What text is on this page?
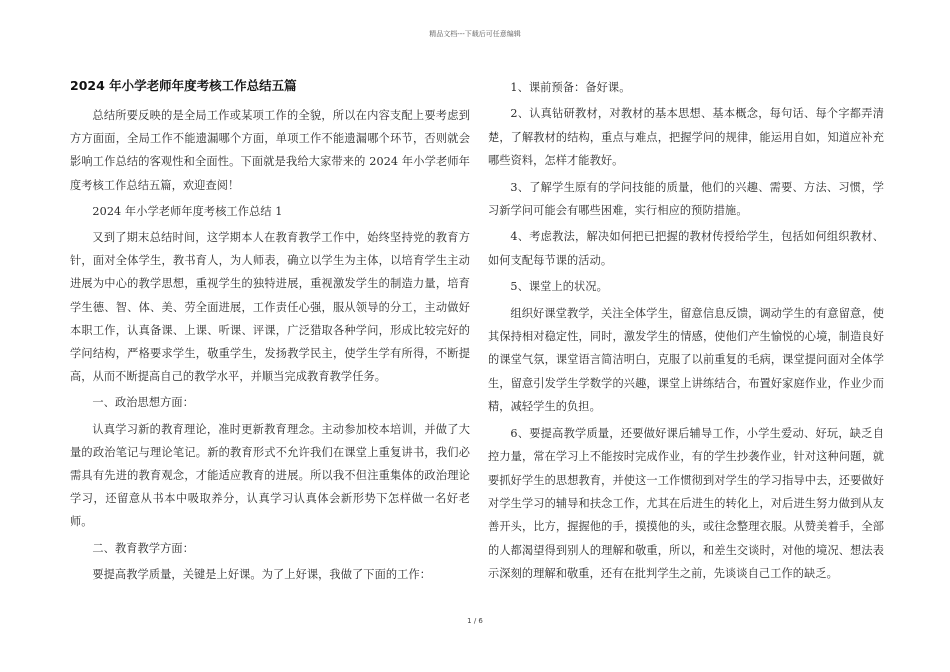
精品文档---下载后可任意编辑
2024 年小学老师年度考核工作总结五篇

总结所要反映的是全局工作或某项工作的全貌，所以在内容支配上要考虑到方方面面，全局工作不能遗漏哪个方面，单项工作不能遗漏哪个环节，否则就会影响工作总结的客观性和全面性。下面就是我给大家带来的 2024 年小学老师年度考核工作总结五篇，欢迎查阅！

2024 年小学老师年度考核工作总结 1

又到了期末总结时间，这学期本人在教育教学工作中，始终坚持党的教育方针，面对全体学生，教书育人，为人师表，确立以学生为主体，以培育学生主动进展为中心的教学思想，重视学生的独特进展，重视激发学生的制造力量，培育学生德、智、体、美、劳全面进展，工作责任心强，服从领导的分工，主动做好本职工作，认真备课、上课、听课、评课，广泛猎取各种学问，形成比较完好的学问结构，严格要求学生，敬重学生，发扬教学民主，使学生学有所得，不断提高，从而不断提高自己的教学水平，并顺当完成教育教学任务。

一、政治思想方面：

认真学习新的教育理论，准时更新教育理念。主动参加校本培训，并做了大量的政治笔记与理论笔记。新的教育形式不允许我们在课堂上重复讲书，我们必需具有先进的教育观念，才能适应教育的进展。所以我不但注重集体的政治理论学习，还留意从书本中吸取养分，认真学习认真体会新形势下怎样做一名好老师。

二、教育教学方面：

要提高教学质量，关键是上好课。为了上好课，我做了下面的工作：

1、课前预备：备好课。

2、认真钻研教材，对教材的基本思想、基本概念，每句话、每个字都弄清楚，了解教材的结构，重点与难点，把握学问的规律，能运用自如，知道应补充哪些资料，怎样才能教好。

3、了解学生原有的学问技能的质量，他们的兴趣、需要、方法、习惯，学习新学问可能会有哪些困难，实行相应的预防措施。

4、考虑教法，解决如何把已把握的教材传授给学生，包括如何组织教材、如何支配每节课的活动。

5、课堂上的状况。

组织好课堂教学，关注全体学生，留意信息反馈，调动学生的有意留意，使其保持相对稳定性，同时，激发学生的情感，使他们产生愉悦的心境，制造良好的课堂气氛，课堂语言简洁明白，克服了以前重复的毛病，课堂提问面对全体学生，留意引发学生学数学的兴趣，课堂上讲练结合，布置好家庭作业，作业少而精，减轻学生的负担。

6、要提高教学质量，还要做好课后辅导工作，小学生爱动、好玩，缺乏自控力量，常在学习上不能按时完成作业，有的学生抄袭作业，针对这种问题，就要抓好学生的思想教育，并使这一工作惯彻到对学生的学习指导中去，还要做好对学生学习的辅导和扶念工作，尤其在后进生的转化上，对后进生努力做到从友善开头，比方，握握他的手，摸摸他的头，或往念整理衣服。从赞美着手，全部的人都渴望得到别人的理解和敬重，所以，和差生交谈时，对他的境况、想法表示深刻的理解和敬重，还有在批判学生之前，先谈谈自己工作的缺乏。

1 / 6
